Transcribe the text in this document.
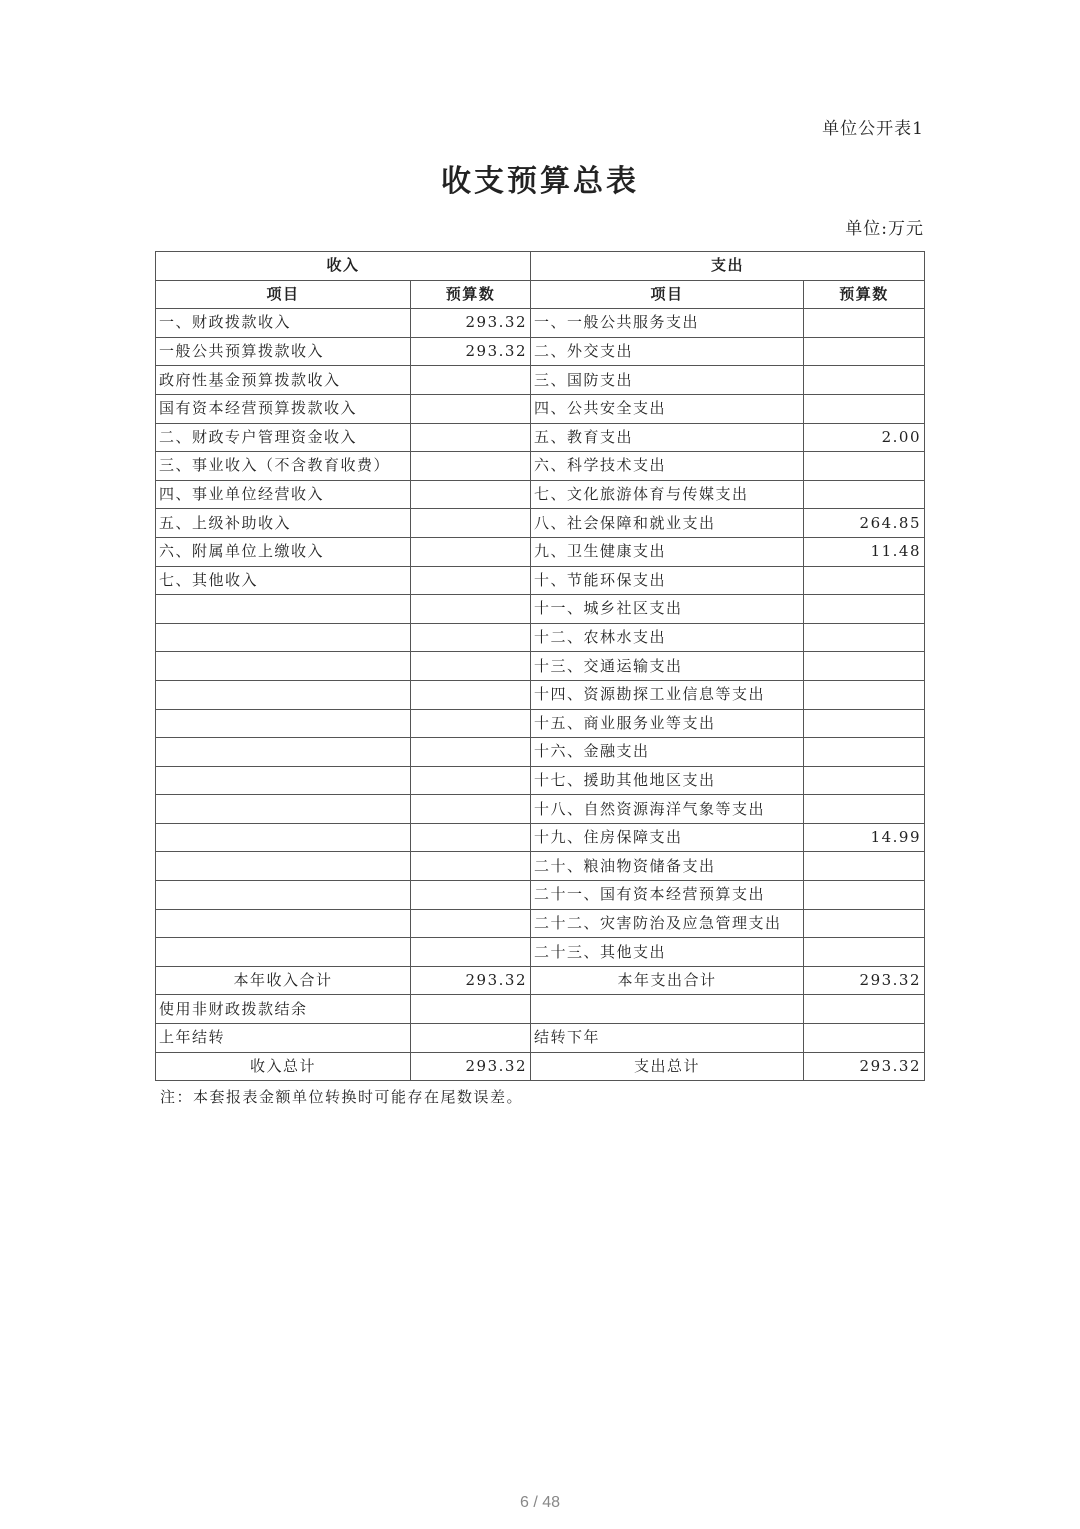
单位公开表1
收支预算总表
单位:万元
收入		支出	
项目	预算数	项目	预算数
一、财政拨款收入	293.32	一、一般公共服务支出	
一般公共预算拨款收入	293.32	二、外交支出	
政府性基金预算拨款收入		三、国防支出	
国有资本经营预算拨款收入		四、公共安全支出	
二、财政专户管理资金收入		五、教育支出	2.00
三、事业收入（不含教育收费）		六、科学技术支出	
四、事业单位经营收入		七、文化旅游体育与传媒支出	
五、上级补助收入		八、社会保障和就业支出	264.85
六、附属单位上缴收入		九、卫生健康支出	11.48
七、其他收入		十、节能环保支出	
		十一、城乡社区支出	
		十二、农林水支出	
		十三、交通运输支出	
		十四、资源勘探工业信息等支出	
		十五、商业服务业等支出	
		十六、金融支出	
		十七、援助其他地区支出	
		十八、自然资源海洋气象等支出	
		十九、住房保障支出	14.99
		二十、粮油物资储备支出	
		二十一、国有资本经营预算支出	
		二十二、灾害防治及应急管理支出	
		二十三、其他支出	
本年收入合计	293.32	本年支出合计	293.32
使用非财政拨款结余			
上年结转		结转下年	
收入总计	293.32	支出总计	293.32
注：本套报表金额单位转换时可能存在尾数误差。
6 / 48
